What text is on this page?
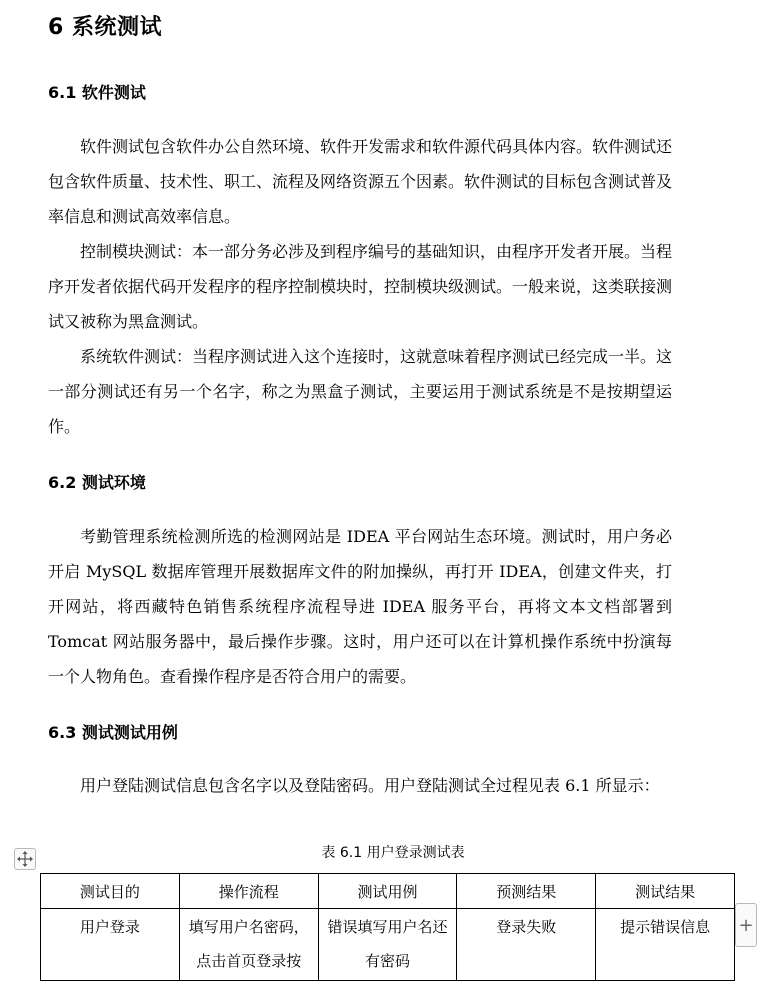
6 系统测试
6.1 软件测试

软件测试包含软件办公自然环境、软件开发需求和软件源代码具体内容。软件测试还包含软件质量、技术性、职工、流程及网络资源五个因素。软件测试的目标包含测试普及率信息和测试高效率信息。

控制模块测试：本一部分务必涉及到程序编号的基础知识，由程序开发者开展。当程序开发者依据代码开发程序的程序控制模块时，控制模块级测试。一般来说，这类联接测试又被称为黑盒测试。

系统软件测试：当程序测试进入这个连接时，这就意味着程序测试已经完成一半。这一部分测试还有另一个名字，称之为黑盒子测试，主要运用于测试系统是不是按期望运作。

6.2 测试环境

考勤管理系统检测所选的检测网站是 IDEA 平台网站生态环境。测试时，用户务必开启 MySQL 数据库管理开展数据库文件的附加操纵，再打开 IDEA，创建文件夹，打开网站，将西藏特色销售系统程序流程导进 IDEA 服务平台，再将文本文档部署到 Tomcat 网站服务器中，最后操作步骤。这时，用户还可以在计算机操作系统中扮演每一个人物角色。查看操作程序是否符合用户的需要。

6.3 测试测试用例

用户登陆测试信息包含名字以及登陆密码。用户登陆测试全过程见表 6.1 所显示：

表 6.1 用户登录测试表
测试目的	操作流程	测试用例	预测结果	测试结果
用户登录	填写用户名密码，点击首页登录按	错误填写用户名还有密码	登录失败	提示错误信息 +
